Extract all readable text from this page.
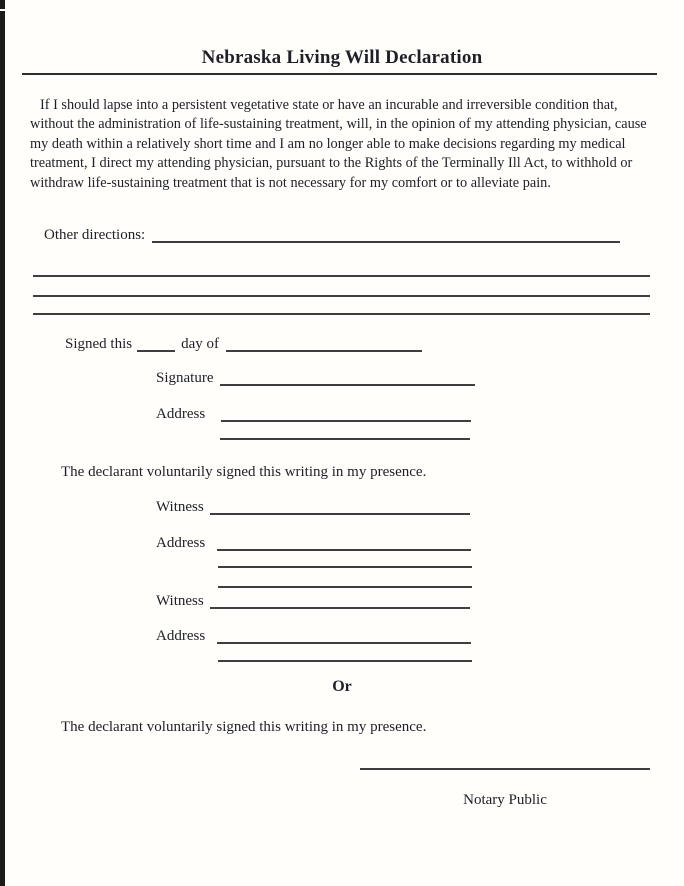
Nebraska Living Will Declaration
If I should lapse into a persistent vegetative state or have an incurable and irreversible condition that, without the administration of life-sustaining treatment, will, in the opinion of my attending physician, cause my death within a relatively short time and I am no longer able to make decisions regarding my medical treatment, I direct my attending physician, pursuant to the Rights of the Terminally Ill Act, to withhold or withdraw life-sustaining treatment that is not necessary for my comfort or to alleviate pain.
Other directions:
Signed this	day of
Signature
Address
The declarant voluntarily signed this writing in my presence.
Witness
Address
Witness
Address
Or
The declarant voluntarily signed this writing in my presence.
Notary Public
